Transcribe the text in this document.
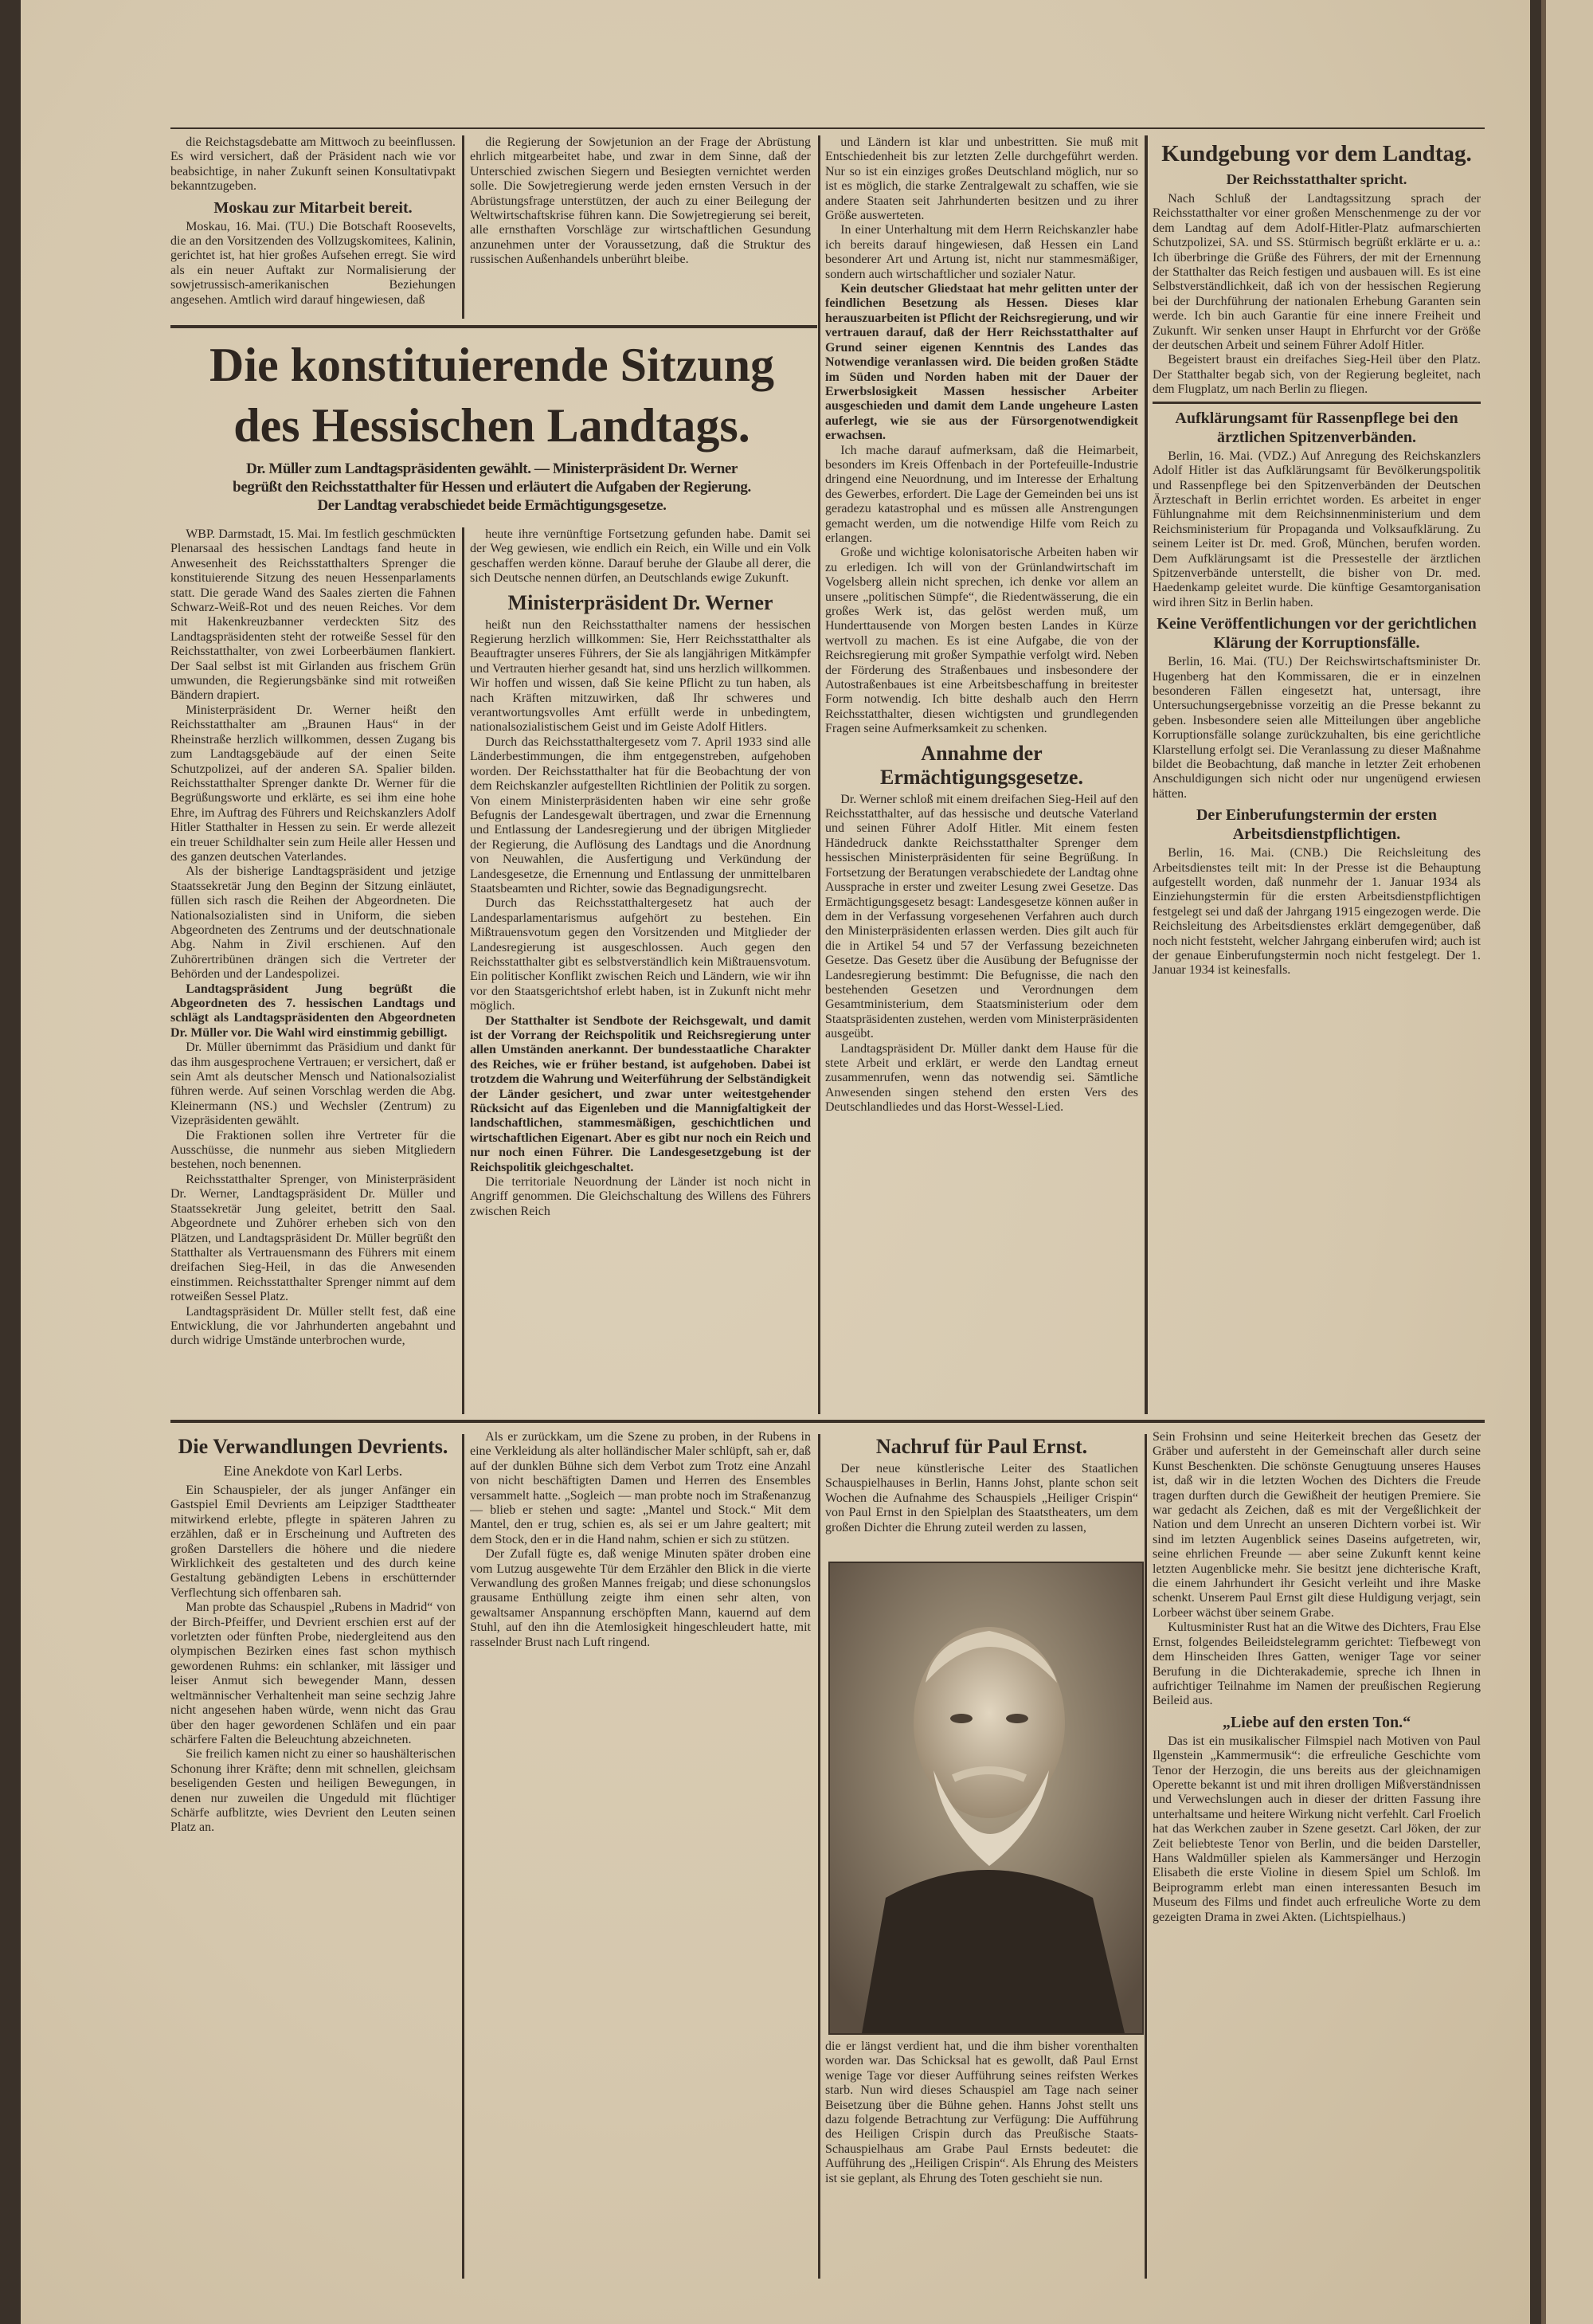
die Reichstagsdebatte am Mittwoch zu beeinflussen. Es wird versichert, daß der Präsident nach wie vor beabsichtige, in naher Zukunft seinen Konsultativpakt bekanntzugeben.

Moskau zur Mitarbeit bereit.

Moskau, 16. Mai. (TU.) Die Botschaft Roosevelts, die an den Vorsitzenden des Vollzugskomitees, Kalinin, gerichtet ist, hat hier großes Aufsehen erregt. Sie wird als ein neuer Auftakt zur Normalisierung der sowjetrussisch-amerikanischen Beziehungen angesehen. Amtlich wird darauf hingewiesen, daß

die Regierung der Sowjetunion an der Frage der Abrüstung ehrlich mitgearbeitet habe, und zwar in dem Sinne, daß der Unterschied zwischen Siegern und Besiegten vernichtet werden solle. Die Sowjetregierung werde jeden ernsten Versuch in der Abrüstungsfrage unterstützen, der auch zu einer Beilegung der Weltwirtschaftskrise führen kann. Die Sowjetregierung sei bereit, alle ernsthaften Vorschläge zur wirtschaftlichen Gesundung anzunehmen unter der Voraussetzung, daß die Struktur des russischen Außenhandels unberührt bleibe.

Die konstituierende Sitzung
des Hessischen Landtags.
Dr. Müller zum Landtagspräsidenten gewählt. — Ministerpräsident Dr. Werner
begrüßt den Reichsstatthalter für Hessen und erläutert die Aufgaben der Regierung.
Der Landtag verabschiedet beide Ermächtigungsgesetze.

WBP. Darmstadt, 15. Mai. Im festlich geschmückten Plenarsaal des hessischen Landtags fand heute in Anwesenheit des Reichsstatthalters Sprenger die konstituierende Sitzung des neuen Hessenparlaments statt. Die gerade Wand des Saales zierten die Fahnen Schwarz-Weiß-Rot und des neuen Reiches. Vor dem mit Hakenkreuzbanner verdeckten Sitz des Landtagspräsidenten steht der rotweiße Sessel für den Reichsstatthalter, von zwei Lorbeerbäumen flankiert. Der Saal selbst ist mit Girlanden aus frischem Grün umwunden, die Regierungsbänke sind mit rotweißen Bändern drapiert.

Ministerpräsident Dr. Werner heißt den Reichsstatthalter am „Braunen Haus“ in der Rheinstraße herzlich willkommen, dessen Zugang bis zum Landtagsgebäude auf der einen Seite Schutzpolizei, auf der anderen SA. Spalier bilden. Reichsstatthalter Sprenger dankte Dr. Werner für die Begrüßungsworte und erklärte, es sei ihm eine hohe Ehre, im Auftrag des Führers und Reichskanzlers Adolf Hitler Statthalter in Hessen zu sein. Er werde allezeit ein treuer Schildhalter sein zum Heile aller Hessen und des ganzen deutschen Vaterlandes.

Als der bisherige Landtagspräsident und jetzige Staatssekretär Jung den Beginn der Sitzung einläutet, füllen sich rasch die Reihen der Abgeordneten. Die Nationalsozialisten sind in Uniform, die sieben Abgeordneten des Zentrums und der deutschnationale Abg. Nahm in Zivil erschienen. Auf den Zuhörertribünen drängen sich die Vertreter der Behörden und der Landespolizei.

Landtagspräsident Jung begrüßt die Abgeordneten des 7. hessischen Landtags und schlägt als Landtagspräsidenten den Abgeordneten Dr. Müller vor. Die Wahl wird einstimmig gebilligt.

Dr. Müller übernimmt das Präsidium und dankt für das ihm ausgesprochene Vertrauen; er versichert, daß er sein Amt als deutscher Mensch und Nationalsozialist führen werde. Auf seinen Vorschlag werden die Abg. Kleinermann (NS.) und Wechsler (Zentrum) zu Vizepräsidenten gewählt.

Die Fraktionen sollen ihre Vertreter für die Ausschüsse, die nunmehr aus sieben Mitgliedern bestehen, noch benennen.

Reichsstatthalter Sprenger, von Ministerpräsident Dr. Werner, Landtagspräsident Dr. Müller und Staatssekretär Jung geleitet, betritt den Saal. Abgeordnete und Zuhörer erheben sich von den Plätzen, und Landtagspräsident Dr. Müller begrüßt den Statthalter als Vertrauensmann des Führers mit einem dreifachen Sieg-Heil, in das die Anwesenden einstimmen. Reichsstatthalter Sprenger nimmt auf dem rotweißen Sessel Platz.

Landtagspräsident Dr. Müller stellt fest, daß eine Entwicklung, die vor Jahrhunderten angebahnt und durch widrige Umstände unterbrochen wurde,

heute ihre vernünftige Fortsetzung gefunden habe. Damit sei der Weg gewiesen, wie endlich ein Reich, ein Wille und ein Volk geschaffen werden könne. Darauf beruhe der Glaube all derer, die sich Deutsche nennen dürfen, an Deutschlands ewige Zukunft.

Ministerpräsident Dr. Werner

heißt nun den Reichsstatthalter namens der hessischen Regierung herzlich willkommen: Sie, Herr Reichsstatthalter als Beauftragter unseres Führers, der Sie als langjährigen Mitkämpfer und Vertrauten hierher gesandt hat, sind uns herzlich willkommen. Wir hoffen und wissen, daß Sie keine Pflicht zu tun haben, als nach Kräften mitzuwirken, daß Ihr schweres und verantwortungsvolles Amt erfüllt werde in unbedingtem, nationalsozialistischem Geist und im Geiste Adolf Hitlers.

Durch das Reichsstatthaltergesetz vom 7. April 1933 sind alle Länderbestimmungen, die ihm entgegenstreben, aufgehoben worden. Der Reichsstatthalter hat für die Beobachtung der von dem Reichskanzler aufgestellten Richtlinien der Politik zu sorgen. Von einem Ministerpräsidenten haben wir eine sehr große Befugnis der Landesgewalt übertragen, und zwar die Ernennung und Entlassung der Landesregierung und der übrigen Mitglieder der Regierung, die Auflösung des Landtags und die Anordnung von Neuwahlen, die Ausfertigung und Verkündung der Landesgesetze, die Ernennung und Entlassung der unmittelbaren Staatsbeamten und Richter, sowie das Begnadigungsrecht.

Durch das Reichsstatthaltergesetz hat auch der Landesparlamentarismus aufgehört zu bestehen. Ein Mißtrauensvotum gegen den Vorsitzenden und Mitglieder der Landesregierung ist ausgeschlossen. Auch gegen den Reichsstatthalter gibt es selbstverständlich kein Mißtrauensvotum. Ein politischer Konflikt zwischen Reich und Ländern, wie wir ihn vor den Staatsgerichtshof erlebt haben, ist in Zukunft nicht mehr möglich.

Der Statthalter ist Sendbote der Reichsgewalt, und damit ist der Vorrang der Reichspolitik und Reichsregierung unter allen Umständen anerkannt. Der bundesstaatliche Charakter des Reiches, wie er früher bestand, ist aufgehoben. Dabei ist trotzdem die Wahrung und Weiterführung der Selbständigkeit der Länder gesichert, und zwar unter weitestgehender Rücksicht auf das Eigenleben und die Mannigfaltigkeit der landschaftlichen, stammesmäßigen, geschichtlichen und wirtschaftlichen Eigenart. Aber es gibt nur noch ein Reich und nur noch einen Führer. Die Landesgesetzgebung ist der Reichspolitik gleichgeschaltet.

Die territoriale Neuordnung der Länder ist noch nicht in Angriff genommen. Die Gleichschaltung des Willens des Führers zwischen Reich

und Ländern ist klar und unbestritten. Sie muß mit Entschiedenheit bis zur letzten Zelle durchgeführt werden. Nur so ist ein einziges großes Deutschland möglich, nur so ist es möglich, die starke Zentralgewalt zu schaffen, wie sie andere Staaten seit Jahrhunderten besitzen und zu ihrer Größe auswerteten.

In einer Unterhaltung mit dem Herrn Reichskanzler habe ich bereits darauf hingewiesen, daß Hessen ein Land besonderer Art und Artung ist, nicht nur stammesmäßiger, sondern auch wirtschaftlicher und sozialer Natur.

Kein deutscher Gliedstaat hat mehr gelitten unter der feindlichen Besetzung als Hessen. Dieses klar herauszuarbeiten ist Pflicht der Reichsregierung, und wir vertrauen darauf, daß der Herr Reichsstatthalter auf Grund seiner eigenen Kenntnis des Landes das Notwendige veranlassen wird. Die beiden großen Städte im Süden und Norden haben mit der Dauer der Erwerbslosigkeit Massen hessischer Arbeiter ausgeschieden und damit dem Lande ungeheure Lasten auferlegt, wie sie aus der Fürsorgenotwendigkeit erwachsen.

Ich mache darauf aufmerksam, daß die Heimarbeit, besonders im Kreis Offenbach in der Portefeuille-Industrie dringend eine Neuordnung, und im Interesse der Erhaltung des Gewerbes, erfordert. Die Lage der Gemeinden bei uns ist geradezu katastrophal und es müssen alle Anstrengungen gemacht werden, um die notwendige Hilfe vom Reich zu erlangen.

Große und wichtige kolonisatorische Arbeiten haben wir zu erledigen. Ich will von der Grünlandwirtschaft im Vogelsberg allein nicht sprechen, ich denke vor allem an unsere „politischen Sümpfe“, die Riedentwässerung, die ein großes Werk ist, das gelöst werden muß, um Hunderttausende von Morgen besten Landes in Kürze wertvoll zu machen. Es ist eine Aufgabe, die von der Reichsregierung mit großer Sympathie verfolgt wird. Neben der Förderung des Straßenbaues und insbesondere der Autostraßenbaues ist eine Arbeitsbeschaffung in breitester Form notwendig. Ich bitte deshalb auch den Herrn Reichsstatthalter, diesen wichtigsten und grundlegenden Fragen seine Aufmerksamkeit zu schenken.

Annahme der Ermächtigungsgesetze.

Dr. Werner schloß mit einem dreifachen Sieg-Heil auf den Reichsstatthalter, auf das hessische und deutsche Vaterland und seinen Führer Adolf Hitler. Mit einem festen Händedruck dankte Reichsstatthalter Sprenger dem hessischen Ministerpräsidenten für seine Begrüßung. In Fortsetzung der Beratungen verabschiedete der Landtag ohne Aussprache in erster und zweiter Lesung zwei Gesetze. Das Ermächtigungsgesetz besagt: Landesgesetze können außer in dem in der Verfassung vorgesehenen Verfahren auch durch den Ministerpräsidenten erlassen werden. Dies gilt auch für die in Artikel 54 und 57 der Verfassung bezeichneten Gesetze. Das Gesetz über die Ausübung der Befugnisse der Landesregierung bestimmt: Die Befugnisse, die nach den bestehenden Gesetzen und Verordnungen dem Gesamtministerium, dem Staatsministerium oder dem Staatspräsidenten zustehen, werden vom Ministerpräsidenten ausgeübt.

Landtagspräsident Dr. Müller dankt dem Hause für die stete Arbeit und erklärt, er werde den Landtag erneut zusammenrufen, wenn das notwendig sei. Sämtliche Anwesenden singen stehend den ersten Vers des Deutschlandliedes und das Horst-Wessel-Lied.

Kundgebung vor dem Landtag.
Der Reichsstatthalter spricht.

Nach Schluß der Landtagssitzung sprach der Reichsstatthalter vor einer großen Menschenmenge zu der vor dem Landtag auf dem Adolf-Hitler-Platz aufmarschierten Schutzpolizei, SA. und SS. Stürmisch begrüßt erklärte er u. a.: Ich überbringe die Grüße des Führers, der mit der Ernennung der Statthalter das Reich festigen und ausbauen will. Es ist eine Selbstverständlichkeit, daß ich von der hessischen Regierung bei der Durchführung der nationalen Erhebung Garanten sein werde. Ich bin auch Garantie für eine innere Freiheit und Zukunft. Wir senken unser Haupt in Ehrfurcht vor der Größe der deutschen Arbeit und seinem Führer Adolf Hitler.

Begeistert braust ein dreifaches Sieg-Heil über den Platz. Der Statthalter begab sich, von der Regierung begleitet, nach dem Flugplatz, um nach Berlin zu fliegen.

Aufklärungsamt für Rassenpflege bei den ärztlichen Spitzenverbänden.

Berlin, 16. Mai. (VDZ.) Auf Anregung des Reichskanzlers Adolf Hitler ist das Aufklärungsamt für Bevölkerungspolitik und Rassenpflege bei den Spitzenverbänden der Deutschen Ärzteschaft in Berlin errichtet worden. Es arbeitet in enger Fühlungnahme mit dem Reichsinnenministerium und dem Reichsministerium für Propaganda und Volksaufklärung. Zu seinem Leiter ist Dr. med. Groß, München, berufen worden. Dem Aufklärungsamt ist die Pressestelle der ärztlichen Spitzenverbände unterstellt, die bisher von Dr. med. Haedenkamp geleitet wurde. Die künftige Gesamtorganisation wird ihren Sitz in Berlin haben.

Keine Veröffentlichungen vor der gerichtlichen Klärung der Korruptionsfälle.

Berlin, 16. Mai. (TU.) Der Reichswirtschaftsminister Dr. Hugenberg hat den Kommissaren, die er in einzelnen besonderen Fällen eingesetzt hat, untersagt, ihre Untersuchungsergebnisse vorzeitig an die Presse bekannt zu geben. Insbesondere seien alle Mitteilungen über angebliche Korruptionsfälle solange zurückzuhalten, bis eine gerichtliche Klarstellung erfolgt sei. Die Veranlassung zu dieser Maßnahme bildet die Beobachtung, daß manche in letzter Zeit erhobenen Anschuldigungen sich nicht oder nur ungenügend erwiesen hätten.

Der Einberufungstermin der ersten Arbeitsdienstpflichtigen.

Berlin, 16. Mai. (CNB.) Die Reichsleitung des Arbeitsdienstes teilt mit: In der Presse ist die Behauptung aufgestellt worden, daß nunmehr der 1. Januar 1934 als Einziehungstermin für die ersten Arbeitsdienstpflichtigen festgelegt sei und daß der Jahrgang 1915 eingezogen werde. Die Reichsleitung des Arbeitsdienstes erklärt demgegenüber, daß noch nicht feststeht, welcher Jahrgang einberufen wird; auch ist der genaue Einberufungstermin noch nicht festgelegt. Der 1. Januar 1934 ist keinesfalls.

Die Verwandlungen Devrients.
Eine Anekdote von Karl Lerbs.

Ein Schauspieler, der als junger Anfänger ein Gastspiel Emil Devrients am Leipziger Stadttheater mitwirkend erlebte, pflegte in späteren Jahren zu erzählen, daß er in Erscheinung und Auftreten des großen Darstellers die höhere und die niedere Wirklichkeit des gestalteten und des durch keine Gestaltung gebändigten Lebens in erschütternder Verflechtung sich offenbaren sah.

Man probte das Schauspiel „Rubens in Madrid“ von der Birch-Pfeiffer, und Devrient erschien erst auf der vorletzten oder fünften Probe, niedergleitend aus den olympischen Bezirken eines fast schon mythisch gewordenen Ruhms: ein schlanker, mit lässiger und leiser Anmut sich bewegender Mann, dessen weltmännischer Verhaltenheit man seine sechzig Jahre nicht angesehen haben würde, wenn nicht das Grau über den hager gewordenen Schläfen und ein paar schärfere Falten die Beleuchtung abzeichneten.

Sie freilich kamen nicht zu einer so haushälterischen Schonung ihrer Kräfte; denn mit schnellen, gleichsam beseligenden Gesten und heiligen Bewegungen, in denen nur zuweilen die Ungeduld mit flüchtiger Schärfe aufblitzte, wies Devrient den Leuten seinen Platz an.

Als er zurückkam, um die Szene zu proben, in der Rubens in eine Verkleidung als alter holländischer Maler schlüpft, sah er, daß auf der dunklen Bühne sich dem Verbot zum Trotz eine Anzahl von nicht beschäftigten Damen und Herren des Ensembles versammelt hatte. „Sogleich — man probte noch im Straßenanzug — blieb er stehen und sagte: „Mantel und Stock.“ Mit dem Mantel, den er trug, schien es, als sei er um Jahre gealtert; mit dem Stock, den er in die Hand nahm, schien er sich zu stützen.

Der Zufall fügte es, daß wenige Minuten später droben eine vom Lutzug ausgewehte Tür dem Erzähler den Blick in die vierte Verwandlung des großen Mannes freigab; und diese schonungslos grausame Enthüllung zeigte ihm einen sehr alten, von gewaltsamer Anspannung erschöpften Mann, kauernd auf dem Stuhl, auf den ihn die Atemlosigkeit hingeschleudert hatte, mit rasselnder Brust nach Luft ringend.

Nachruf für Paul Ernst.

Der neue künstlerische Leiter des Staatlichen Schauspielhauses in Berlin, Hanns Johst, plante schon seit Wochen die Aufnahme des Schauspiels „Heiliger Crispin“ von Paul Ernst in den Spielplan des Staatstheaters, um dem großen Dichter die Ehrung zuteil werden zu lassen,

die er längst verdient hat, und die ihm bisher vorenthalten worden war. Das Schicksal hat es gewollt, daß Paul Ernst wenige Tage vor dieser Aufführung seines reifsten Werkes starb. Nun wird dieses Schauspiel am Tage nach seiner Beisetzung über die Bühne gehen. Hanns Johst stellt uns dazu folgende Betrachtung zur Verfügung: Die Aufführung des Heiligen Crispin durch das Preußische Staats-Schauspielhaus am Grabe Paul Ernsts bedeutet: die Aufführung des „Heiligen Crispin“. Als Ehrung des Meisters ist sie geplant, als Ehrung des Toten geschieht sie nun.

Sein Frohsinn und seine Heiterkeit brechen das Gesetz der Gräber und aufersteht in der Gemeinschaft aller durch seine Kunst Beschenkten. Die schönste Genugtuung unseres Hauses ist, daß wir in die letzten Wochen des Dichters die Freude tragen durften durch die Gewißheit der heutigen Premiere. Sie war gedacht als Zeichen, daß es mit der Vergeßlichkeit der Nation und dem Unrecht an unseren Dichtern vorbei ist. Wir sind im letzten Augenblick seines Daseins aufgetreten, wir, seine ehrlichen Freunde — aber seine Zukunft kennt keine letzten Augenblicke mehr. Sie besitzt jene dichterische Kraft, die einem Jahrhundert ihr Gesicht verleiht und ihre Maske schenkt. Unserem Paul Ernst gilt diese Huldigung verjagt, sein Lorbeer wächst über seinem Grabe.

Kultusminister Rust hat an die Witwe des Dichters, Frau Else Ernst, folgendes Beileidstelegramm gerichtet: Tiefbewegt von dem Hinscheiden Ihres Gatten, weniger Tage vor seiner Berufung in die Dichterakademie, spreche ich Ihnen in aufrichtiger Teilnahme im Namen der preußischen Regierung Beileid aus.

„Liebe auf den ersten Ton.“

Das ist ein musikalischer Filmspiel nach Motiven von Paul Ilgenstein „Kammermusik“: die erfreuliche Geschichte vom Tenor der Herzogin, die uns bereits aus der gleichnamigen Operette bekannt ist und mit ihren drolligen Mißverständnissen und Verwechslungen auch in dieser der dritten Fassung ihre unterhaltsame und heitere Wirkung nicht verfehlt. Carl Froelich hat das Werkchen zauber in Szene gesetzt. Carl Jöken, der zur Zeit beliebteste Tenor von Berlin, und die beiden Darsteller, Hans Waldmüller spielen als Kammersänger und Herzogin Elisabeth die erste Violine in diesem Spiel um Schloß. Im Beiprogramm erlebt man einen interessanten Besuch im Museum des Films und findet auch erfreuliche Worte zu dem gezeigten Drama in zwei Akten. (Lichtspielhaus.)
